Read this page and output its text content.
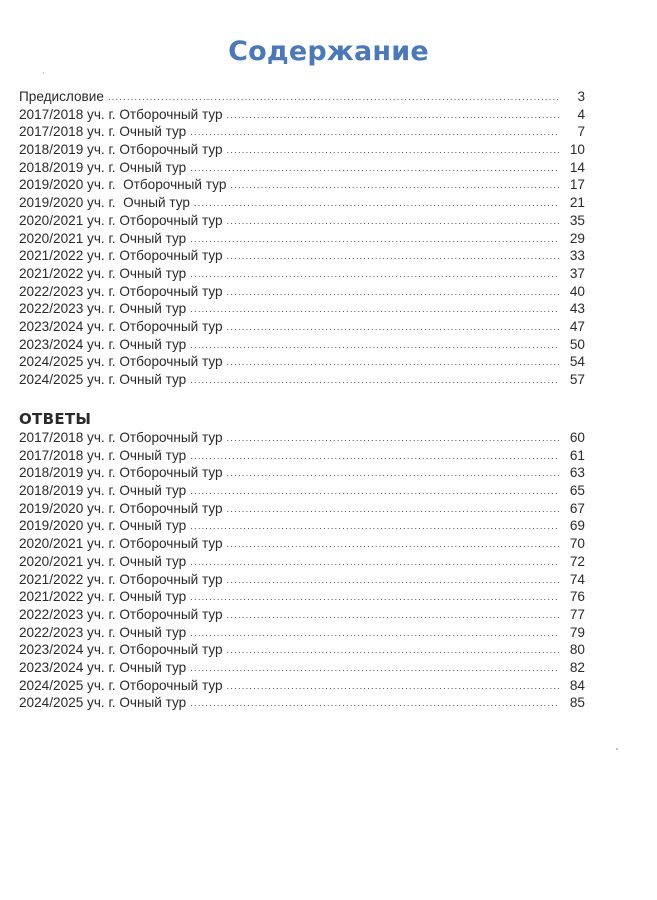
Содержание
Предисловие .....	3
2017/2018 уч. г. Отборочный тур .....	4
2017/2018 уч. г. Очный тур .....	7
2018/2019 уч. г. Отборочный тур .....	10
2018/2019 уч. г. Очный тур .....	14
2019/2020 уч. г.  Отборочный тур .....	17
2019/2020 уч. г.  Очный тур .....	21
2020/2021 уч. г. Отборочный тур .....	35
2020/2021 уч. г. Очный тур .....	29
2021/2022 уч. г. Отборочный тур .....	33
2021/2022 уч. г. Очный тур .....	37
2022/2023 уч. г. Отборочный тур .....	40
2022/2023 уч. г. Очный тур .....	43
2023/2024 уч. г. Отборочный тур .....	47
2023/2024 уч. г. Очный тур .....	50
2024/2025 уч. г. Отборочный тур .....	54
2024/2025 уч. г. Очный тур .....	57
ОТВЕТЫ
2017/2018 уч. г. Отборочный тур .....	60
2017/2018 уч. г. Очный тур .....	61
2018/2019 уч. г. Отборочный тур .....	63
2018/2019 уч. г. Очный тур .....	65
2019/2020 уч. г. Отборочный тур .....	67
2019/2020 уч. г. Очный тур .....	69
2020/2021 уч. г. Отборочный тур .....	70
2020/2021 уч. г. Очный тур .....	72
2021/2022 уч. г. Отборочный тур .....	74
2021/2022 уч. г. Очный тур .....	76
2022/2023 уч. г. Отборочный тур .....	77
2022/2023 уч. г. Очный тур .....	79
2023/2024 уч. г. Отборочный тур .....	80
2023/2024 уч. г. Очный тур .....	82
2024/2025 уч. г. Отборочный тур .....	84
2024/2025 уч. г. Очный тур .....	85
